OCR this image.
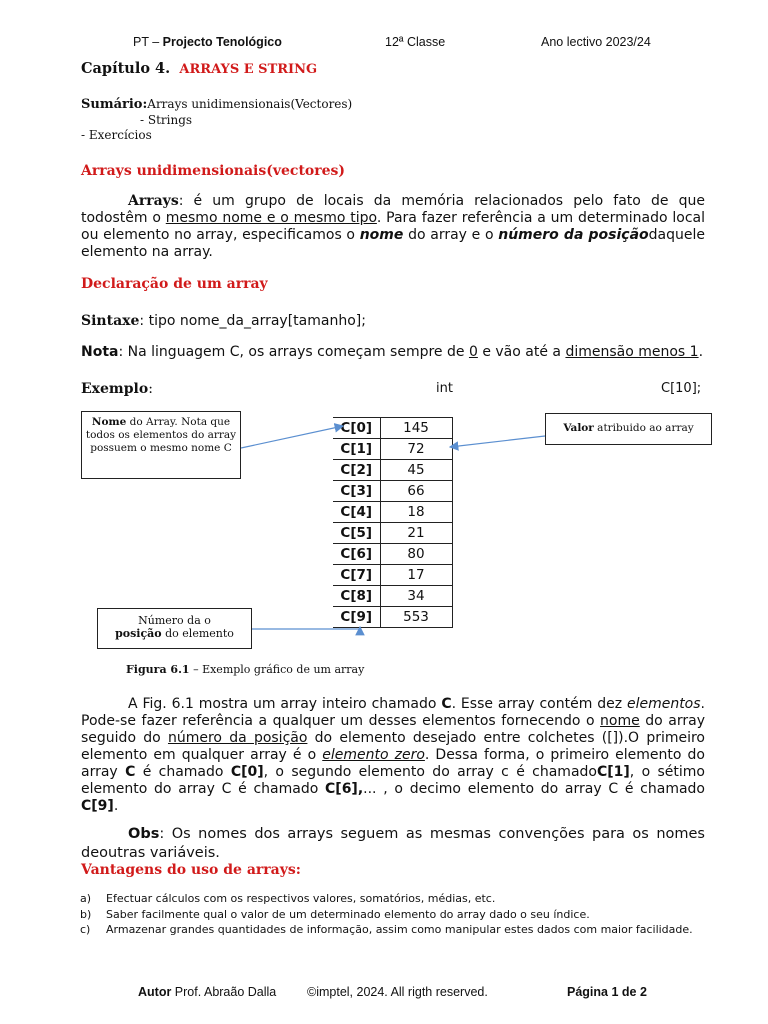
PT – Projecto Tenológico	12ª Classe	Ano lectivo 2023/24
Capítulo 4. ARRAYS E STRING
Sumário:Arrays unidimensionais(Vectores)
- Strings
- Exercícios
Arrays unidimensionais(vectores)
Arrays: é um grupo de locais da memória relacionados pelo fato de que todostêm o mesmo nome e o mesmo tipo. Para fazer referência a um determinado local ou elemento no array, especificamos o nome do array e o número da posiçãodaquele elemento na array.
Declaração de um array
Sintaxe: tipo nome_da_array[tamanho];
Nota: Na linguagem C, os arrays começam sempre de 0 e vão até a dimensão menos 1.
Exemplo:	int	C[10];
Nome do Array. Nota que todos os elementos do array possuem o mesmo nome C
Valor atribuido ao array
Número da o
posição do elemento
C[0]	145
C[1]	72
C[2]	45
C[3]	66
C[4]	18
C[5]	21
C[6]	80
C[7]	17
C[8]	34
C[9]	553
Figura 6.1 – Exemplo gráfico de um array
A Fig. 6.1 mostra um array inteiro chamado C. Esse array contém dez elementos. Pode-se fazer referência a qualquer um desses elementos fornecendo o nome do array seguido do número da posição do elemento desejado entre colchetes ([]).O primeiro elemento em qualquer array é o elemento zero. Dessa forma, o primeiro elemento do array C é chamado C[0], o segundo elemento do array c é chamadoC[1], o sétimo elemento do array C é chamado C[6],... , o decimo elemento do array C é chamado C[9].
Obs: Os nomes dos arrays seguem as mesmas convenções para os nomes deoutras variáveis.
Vantagens do uso de arrays:
a)	Efectuar cálculos com os respectivos valores, somatórios, médias, etc.
b)	Saber facilmente qual o valor de um determinado elemento do array dado o seu índice.
c)	Armazenar grandes quantidades de informação, assim como manipular estes dados com maior facilidade.
Autor Prof. Abraão Dalla ©imptel, 2024. All rigth reserved.	Página 1 de 2
